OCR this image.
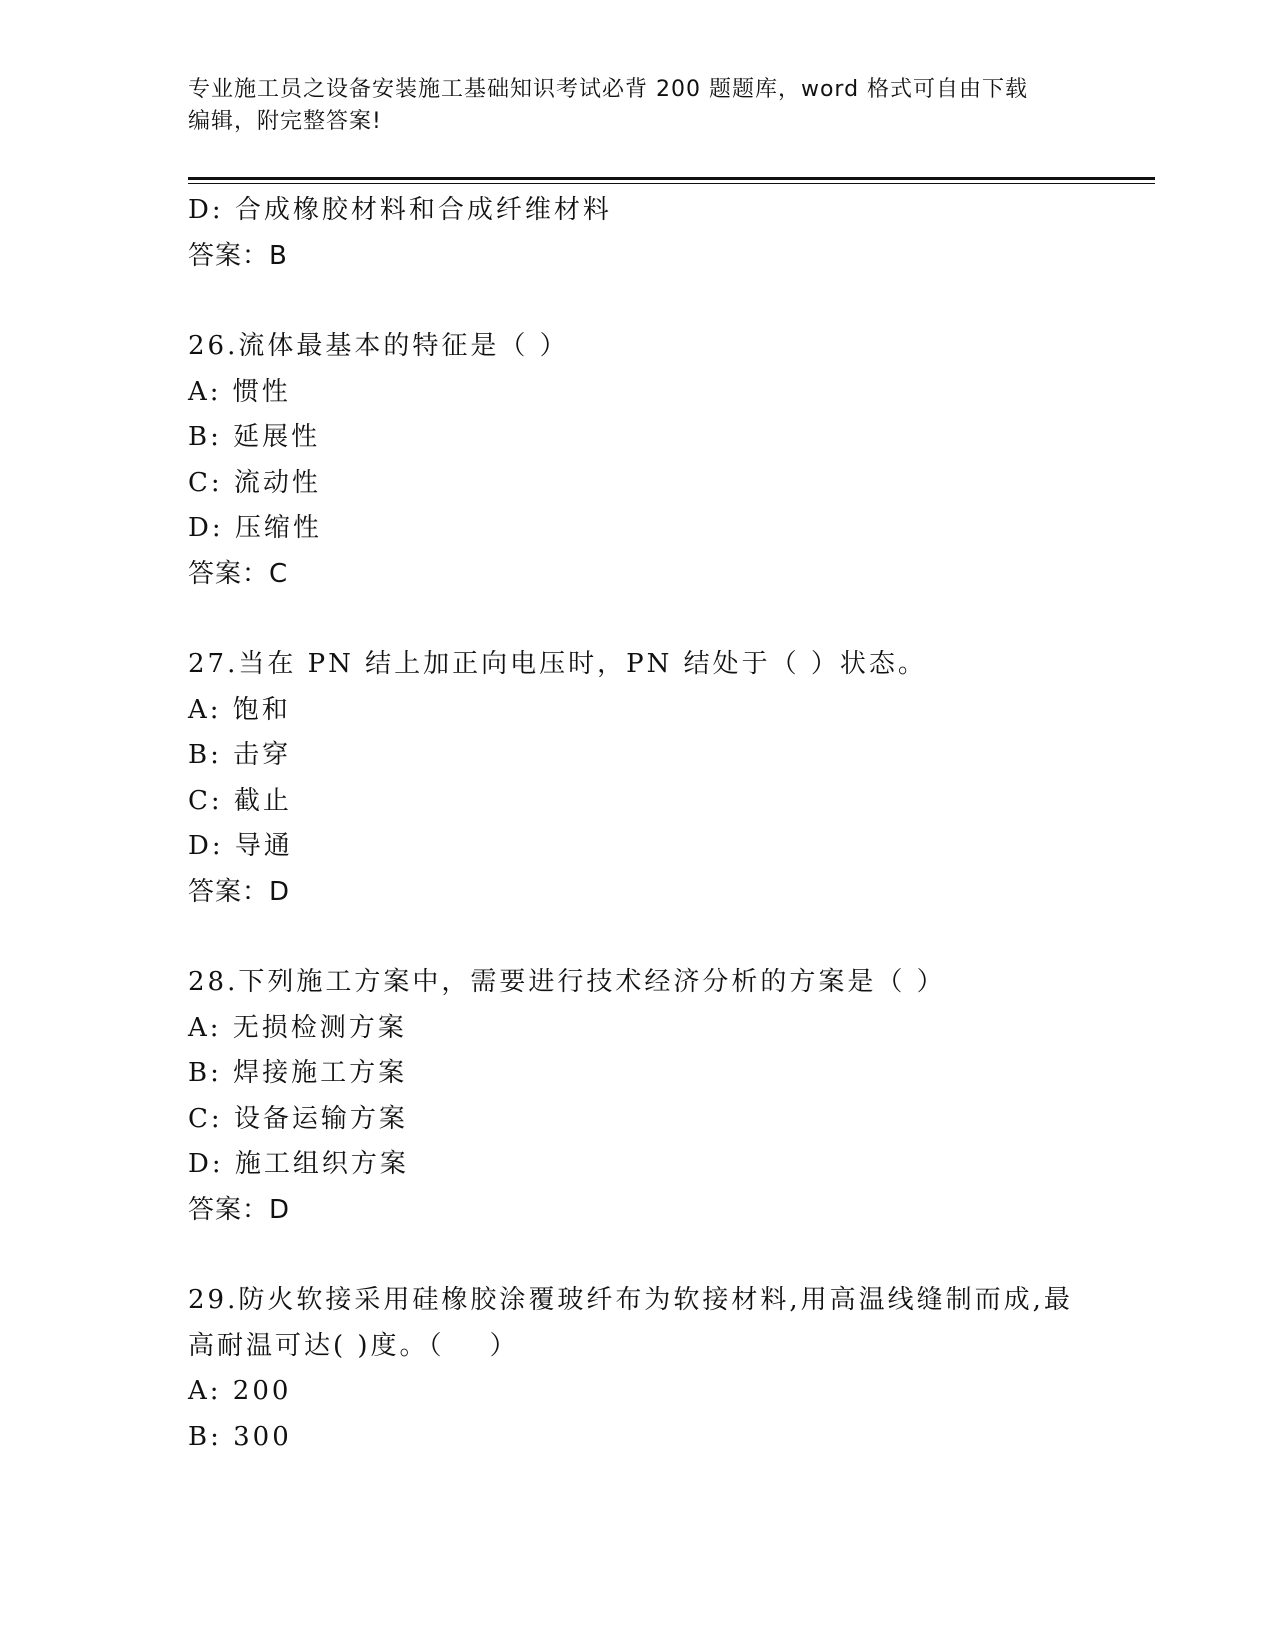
专业施工员之设备安装施工基础知识考试必背 200 题题库，word 格式可自由下载
编辑，附完整答案!
D: 合成橡胶材料和合成纤维材料
答案：B
26.流体最基本的特征是（ ）
A: 惯性
B: 延展性
C: 流动性
D: 压缩性
答案：C
27.当在 PN 结上加正向电压时，PN 结处于（ ）状态。
A: 饱和
B: 击穿
C: 截止
D: 导通
答案：D
28.下列施工方案中，需要进行技术经济分析的方案是（ ）
A: 无损检测方案
B: 焊接施工方案
C: 设备运输方案
D: 施工组织方案
答案：D
29.防火软接采用硅橡胶涂覆玻纤布为软接材料,用高温线缝制而成,最
高耐温可达( )度。（    ）
A: 200
B: 300
